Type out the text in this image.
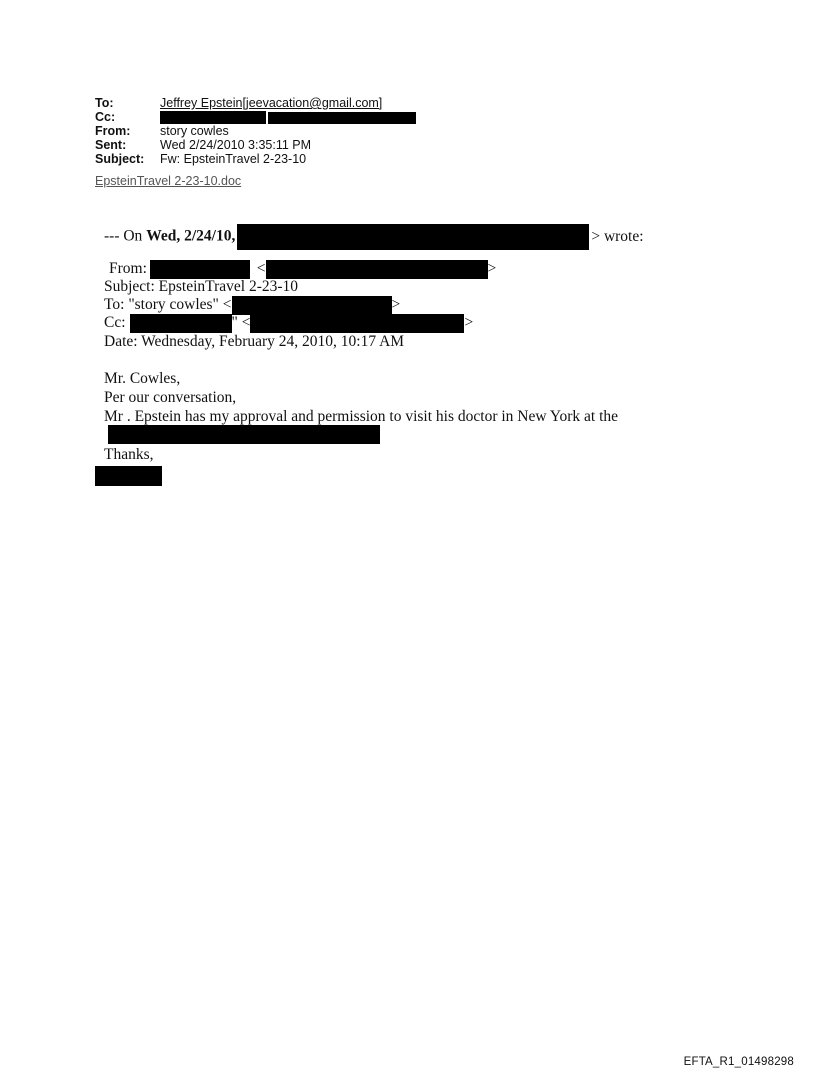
To:	Jeffrey Epstein[jeevacation@gmail.com]
Cc:
From: story cowles
Sent:	Wed 2/24/2010 3:35:11 PM
Subject: Fw: EpsteinTravel 2-23-10
EpsteinTravel 2-23-10.doc
--- On Wed, 2/24/10,	> wrote:
From:	<	>
Subject: EpsteinTravel 2-23-10
To: "story cowles" <	>
Cc:	" <	>
Date: Wednesday, February 24, 2010, 10:17 AM
Mr. Cowles,
Per our conversation,
Mr . Epstein has my approval and permission to visit his doctor in New York at the
Thanks,
EFTA_R1_01498298
